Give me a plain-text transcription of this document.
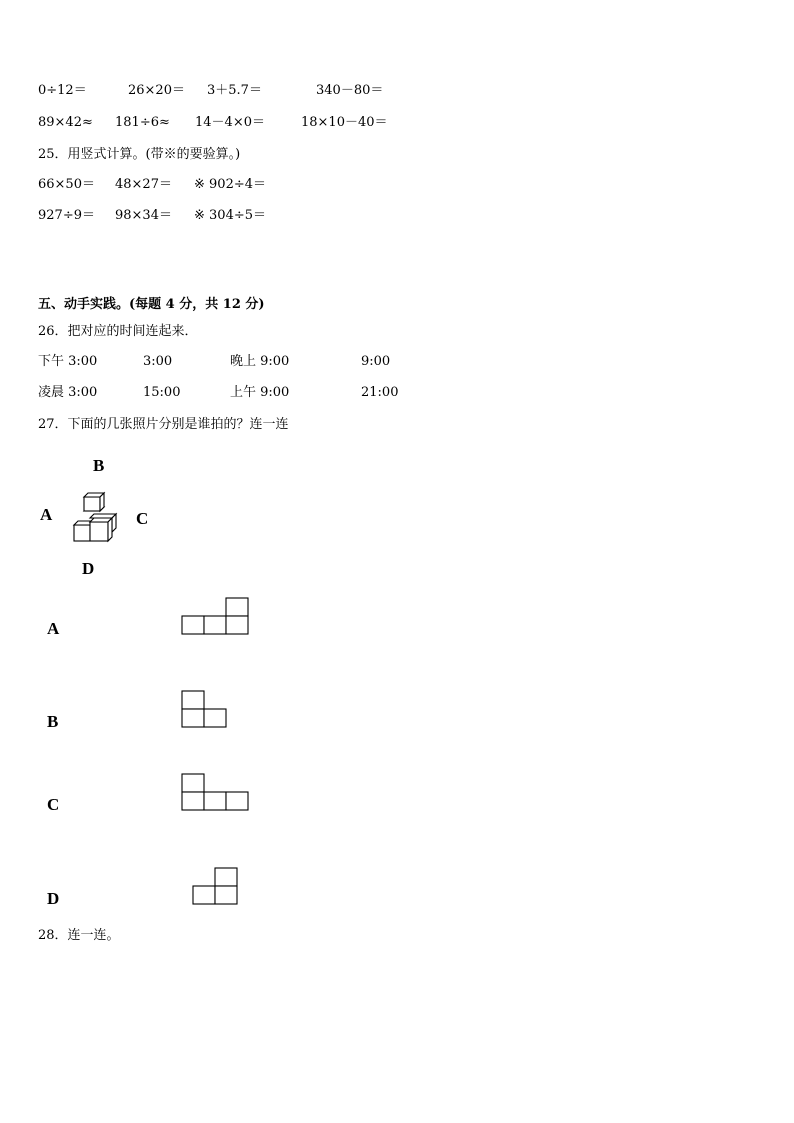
0÷12＝	26×20＝ 3＋5.7＝	340－80＝
89×42≈ 181÷6≈ 14－4×0＝	18×10－40＝
25．用竖式计算。(带※的要验算。)
66×50＝ 48×27＝ ※ 902÷4＝
927÷9＝ 98×34＝ ※ 304÷5＝
五、动手实践。(每题 4 分，共 12 分)
26．把对应的时间连起来．
下午 3:00	3:00	晚上 9:00	9:00
凌晨 3:00	15:00	上午 9:00	21:00
27．下面的几张照片分别是谁拍的？连一连
B
A	C
D
A
B
C
D
28．连一连。
